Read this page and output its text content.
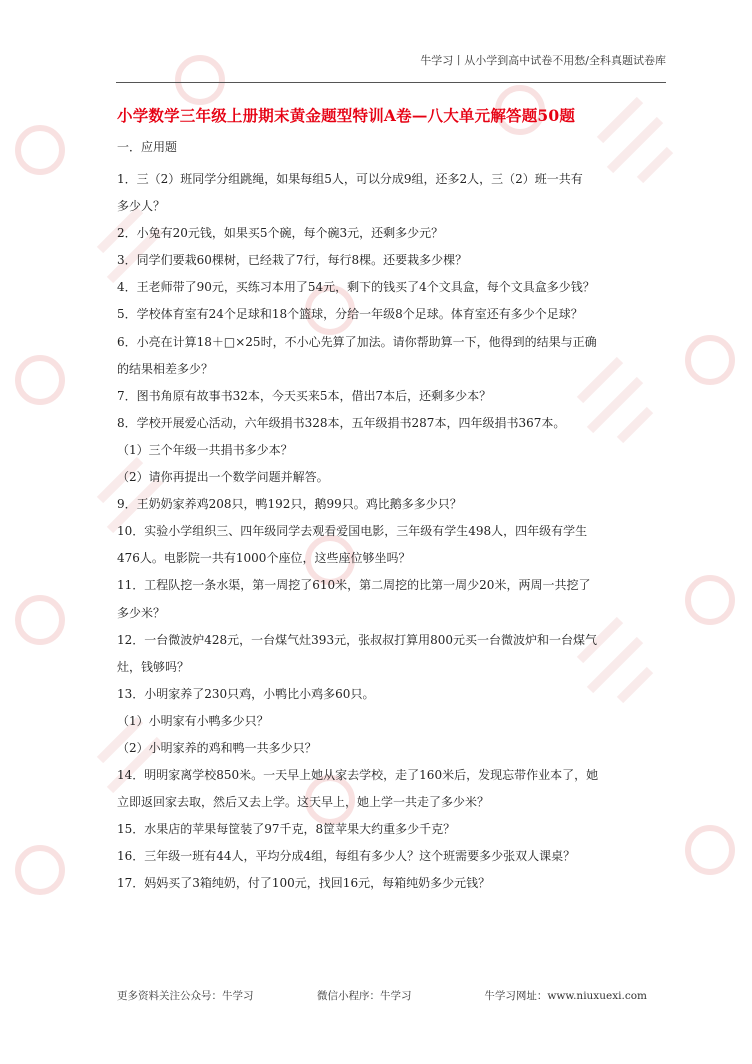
牛学习丨从小学到高中试卷不用愁/全科真题试卷库
小学数学三年级上册期末黄金题型特训A卷—八大单元解答题50题
一．应用题
1．三（2）班同学分组跳绳，如果每组5人，可以分成9组，还多2人，三（2）班一共有
多少人？
2．小兔有20元钱，如果买5个碗，每个碗3元，还剩多少元？
3．同学们要栽60棵树，已经栽了7行，每行8棵。还要栽多少棵？
4．王老师带了90元，买练习本用了54元，剩下的钱买了4个文具盒，每个文具盒多少钱？
5．学校体育室有24个足球和18个篮球，分给一年级8个足球。体育室还有多少个足球？
6．小亮在计算18＋□×25时，不小心先算了加法。请你帮助算一下，他得到的结果与正确
的结果相差多少？
7．图书角原有故事书32本，今天买来5本，借出7本后，还剩多少本？
8．学校开展爱心活动，六年级捐书328本，五年级捐书287本，四年级捐书367本。
（1）三个年级一共捐书多少本？
（2）请你再提出一个数学问题并解答。
9．王奶奶家养鸡208只，鸭192只，鹅99只。鸡比鹅多多少只？
10．实验小学组织三、四年级同学去观看爱国电影，三年级有学生498人，四年级有学生
476人。电影院一共有1000个座位，这些座位够坐吗？
11．工程队挖一条水渠，第一周挖了610米，第二周挖的比第一周少20米，两周一共挖了
多少米？
12．一台微波炉428元，一台煤气灶393元，张叔叔打算用800元买一台微波炉和一台煤气
灶，钱够吗？
13．小明家养了230只鸡，小鸭比小鸡多60只。
（1）小明家有小鸭多少只？
（2）小明家养的鸡和鸭一共多少只？
14．明明家离学校850米。一天早上她从家去学校，走了160米后，发现忘带作业本了，她
立即返回家去取，然后又去上学。这天早上，她上学一共走了多少米？
15．水果店的苹果每筐装了97千克，8筐苹果大约重多少千克？
16．三年级一班有44人，平均分成4组，每组有多少人？这个班需要多少张双人课桌？
17．妈妈买了3箱纯奶，付了100元，找回16元，每箱纯奶多少元钱？
更多资料关注公众号：牛学习	微信小程序：牛学习	牛学习网址：www.niuxuexi.com
